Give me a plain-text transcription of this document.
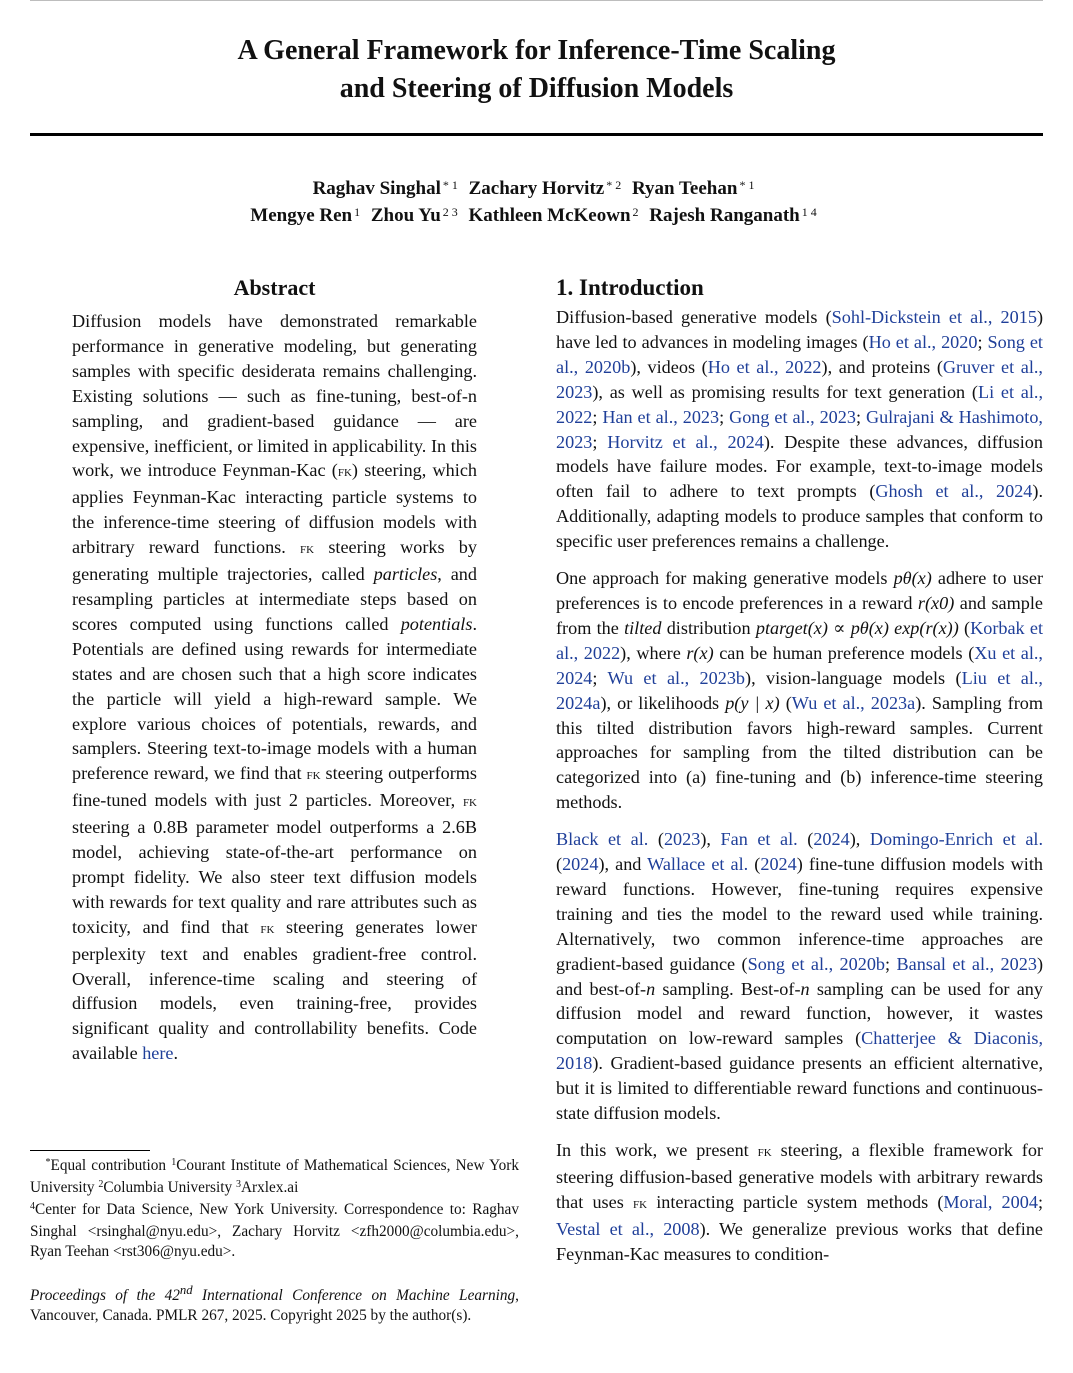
A General Framework for Inference-Time Scaling
and Steering of Diffusion Models
Raghav Singhal $^{* 1}$ Zachary Horvitz $^{* 2}$ Ryan Teehan $^{* 1}$
Mengye Ren $^1$ Zhou Yu $^{2 3}$ Kathleen McKeown $^2$ Rajesh Ranganath $^{1 4}$
Abstract

Diffusion models have demonstrated remarkable performance in generative modeling, but generating samples with specific desiderata remains challenging. Existing solutions — such as fine-tuning, best-of-n sampling, and gradient-based guidance — are expensive, inefficient, or limited in applicability. In this work, we introduce Feynman-Kac (fk) steering, which applies Feynman-Kac interacting particle systems to the inference-time steering of diffusion models with arbitrary reward functions. fk steering works by generating multiple trajectories, called particles, and resampling particles at intermediate steps based on scores computed using functions called potentials. Potentials are defined using rewards for intermediate states and are chosen such that a high score indicates the particle will yield a high-reward sample. We explore various choices of potentials, rewards, and samplers. Steering text-to-image models with a human preference reward, we find that fk steering outperforms fine-tuned models with just 2 particles. Moreover, fk steering a 0.8B parameter model outperforms a 2.6B model, achieving state-of-the-art performance on prompt fidelity. We also steer text diffusion models with rewards for text quality and rare attributes such as toxicity, and find that fk steering generates lower perplexity text and enables gradient-free control. Overall, inference-time scaling and steering of diffusion models, even training-free, provides significant quality and controllability benefits. Code available here.

*Equal contribution $^1$Courant Institute of Mathematical Sciences, New York University $^2$Columbia University $^3$Arxlex.ai
$^4$Center for Data Science, New York University. Correspondence to: Raghav Singhal <rsinghal@nyu.edu>, Zachary Horvitz <zfh2000@columbia.edu>, Ryan Teehan <rst306@nyu.edu>.
Proceedings of the 42nd International Conference on Machine Learning, Vancouver, Canada. PMLR 267, 2025. Copyright 2025 by the author(s).
1. Introduction

Diffusion-based generative models (Sohl-Dickstein et al., 2015) have led to advances in modeling images (Ho et al., 2020; Song et al., 2020b), videos (Ho et al., 2022), and proteins (Gruver et al., 2023), as well as promising results for text generation (Li et al., 2022; Han et al., 2023; Gong et al., 2023; Gulrajani & Hashimoto, 2023; Horvitz et al., 2024). Despite these advances, diffusion models have failure modes. For example, text-to-image models often fail to adhere to text prompts (Ghosh et al., 2024). Additionally, adapting models to produce samples that conform to specific user preferences remains a challenge.

One approach for making generative models pθ(x) adhere to user preferences is to encode preferences in a reward r(x0) and sample from the tilted distribution ptarget(x) ∝ pθ(x) exp(r(x)) (Korbak et al., 2022), where r(x) can be human preference models (Xu et al., 2024; Wu et al., 2023b), vision-language models (Liu et al., 2024a), or likelihoods p(y | x) (Wu et al., 2023a). Sampling from this tilted distribution favors high-reward samples. Current approaches for sampling from the tilted distribution can be categorized into (a) fine-tuning and (b) inference-time steering methods.

Black et al. (2023), Fan et al. (2024), Domingo-Enrich et al. (2024), and Wallace et al. (2024) fine-tune diffusion models with reward functions. However, fine-tuning requires expensive training and ties the model to the reward used while training. Alternatively, two common inference-time approaches are gradient-based guidance (Song et al., 2020b; Bansal et al., 2023) and best-of-n sampling. Best-of-n sampling can be used for any diffusion model and reward function, however, it wastes computation on low-reward samples (Chatterjee & Diaconis, 2018). Gradient-based guidance presents an efficient alternative, but it is limited to differentiable reward functions and continuous-state diffusion models.

In this work, we present fk steering, a flexible framework for steering diffusion-based generative models with arbitrary rewards that uses fk interacting particle system methods (Moral, 2004; Vestal et al., 2008). We generalize previous works that define Feynman-Kac measures to condition-
